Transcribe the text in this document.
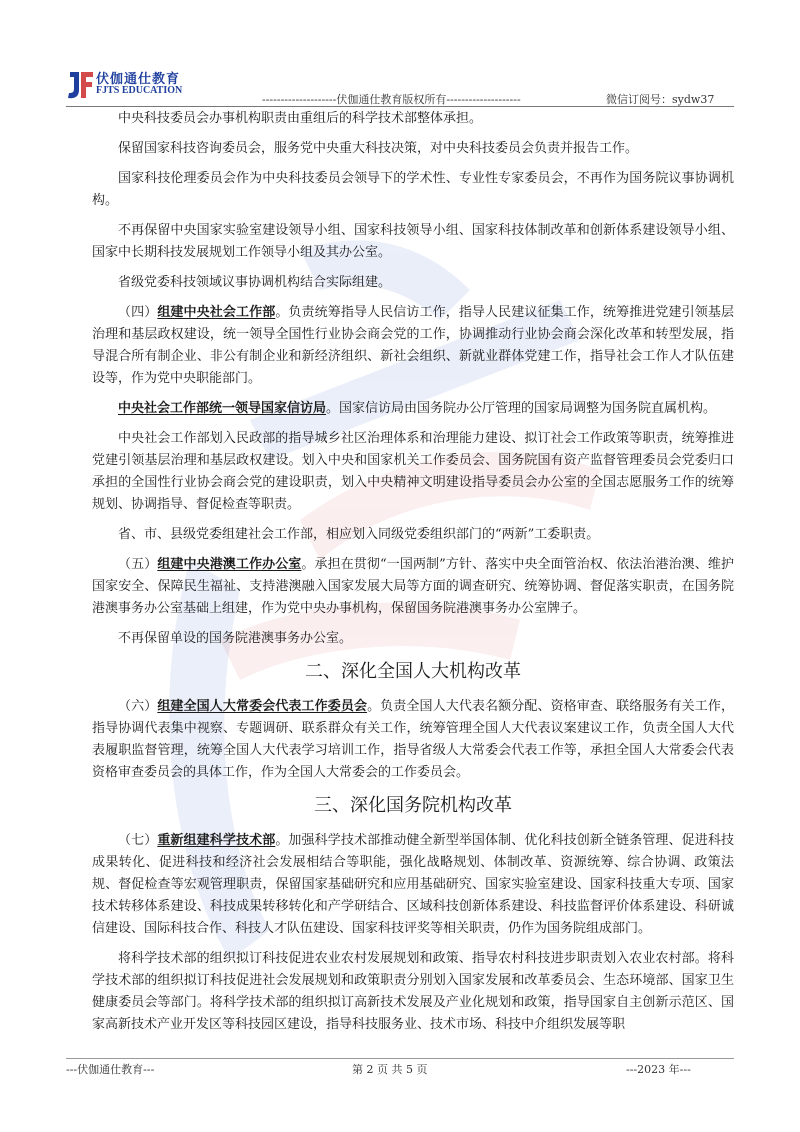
伏伽通仕教育
FJTS EDUCATION
--------------------伏伽通仕教育版权所有--------------------	微信订阅号：sydw37

中央科技委员会办事机构职责由重组后的科学技术部整体承担。

保留国家科技咨询委员会，服务党中央重大科技决策，对中央科技委员会负责并报告工作。

国家科技伦理委员会作为中央科技委员会领导下的学术性、专业性专家委员会，不再作为国务院议事协调机构。

不再保留中央国家实验室建设领导小组、国家科技领导小组、国家科技体制改革和创新体系建设领导小组、国家中长期科技发展规划工作领导小组及其办公室。

省级党委科技领域议事协调机构结合实际组建。

（四）组建中央社会工作部。负责统筹指导人民信访工作，指导人民建议征集工作，统筹推进党建引领基层治理和基层政权建设，统一领导全国性行业协会商会党的工作，协调推动行业协会商会深化改革和转型发展，指导混合所有制企业、非公有制企业和新经济组织、新社会组织、新就业群体党建工作，指导社会工作人才队伍建设等，作为党中央职能部门。

中央社会工作部统一领导国家信访局。国家信访局由国务院办公厅管理的国家局调整为国务院直属机构。

中央社会工作部划入民政部的指导城乡社区治理体系和治理能力建设、拟订社会工作政策等职责，统筹推进党建引领基层治理和基层政权建设。划入中央和国家机关工作委员会、国务院国有资产监督管理委员会党委归口承担的全国性行业协会商会党的建设职责，划入中央精神文明建设指导委员会办公室的全国志愿服务工作的统筹规划、协调指导、督促检查等职责。

省、市、县级党委组建社会工作部，相应划入同级党委组织部门的“两新”工委职责。

（五）组建中央港澳工作办公室。承担在贯彻“一国两制”方针、落实中央全面管治权、依法治港治澳、维护国家安全、保障民生福祉、支持港澳融入国家发展大局等方面的调查研究、统筹协调、督促落实职责，在国务院港澳事务办公室基础上组建，作为党中央办事机构，保留国务院港澳事务办公室牌子。

不再保留单设的国务院港澳事务办公室。

二、深化全国人大机构改革

（六）组建全国人大常委会代表工作委员会。负责全国人大代表名额分配、资格审查、联络服务有关工作，指导协调代表集中视察、专题调研、联系群众有关工作，统筹管理全国人大代表议案建议工作，负责全国人大代表履职监督管理，统筹全国人大代表学习培训工作，指导省级人大常委会代表工作等，承担全国人大常委会代表资格审查委员会的具体工作，作为全国人大常委会的工作委员会。

三、深化国务院机构改革

（七）重新组建科学技术部。加强科学技术部推动健全新型举国体制、优化科技创新全链条管理、促进科技成果转化、促进科技和经济社会发展相结合等职能，强化战略规划、体制改革、资源统筹、综合协调、政策法规、督促检查等宏观管理职责，保留国家基础研究和应用基础研究、国家实验室建设、国家科技重大专项、国家技术转移体系建设、科技成果转移转化和产学研结合、区域科技创新体系建设、科技监督评价体系建设、科研诚信建设、国际科技合作、科技人才队伍建设、国家科技评奖等相关职责，仍作为国务院组成部门。

将科学技术部的组织拟订科技促进农业农村发展规划和政策、指导农村科技进步职责划入农业农村部。将科学技术部的组织拟订科技促进社会发展规划和政策职责分别划入国家发展和改革委员会、生态环境部、国家卫生健康委员会等部门。将科学技术部的组织拟订高新技术发展及产业化规划和政策，指导国家自主创新示范区、国家高新技术产业开发区等科技园区建设，指导科技服务业、技术市场、科技中介组织发展等职

---伏伽通仕教育---	第 2 页 共 5 页	---2023 年---
